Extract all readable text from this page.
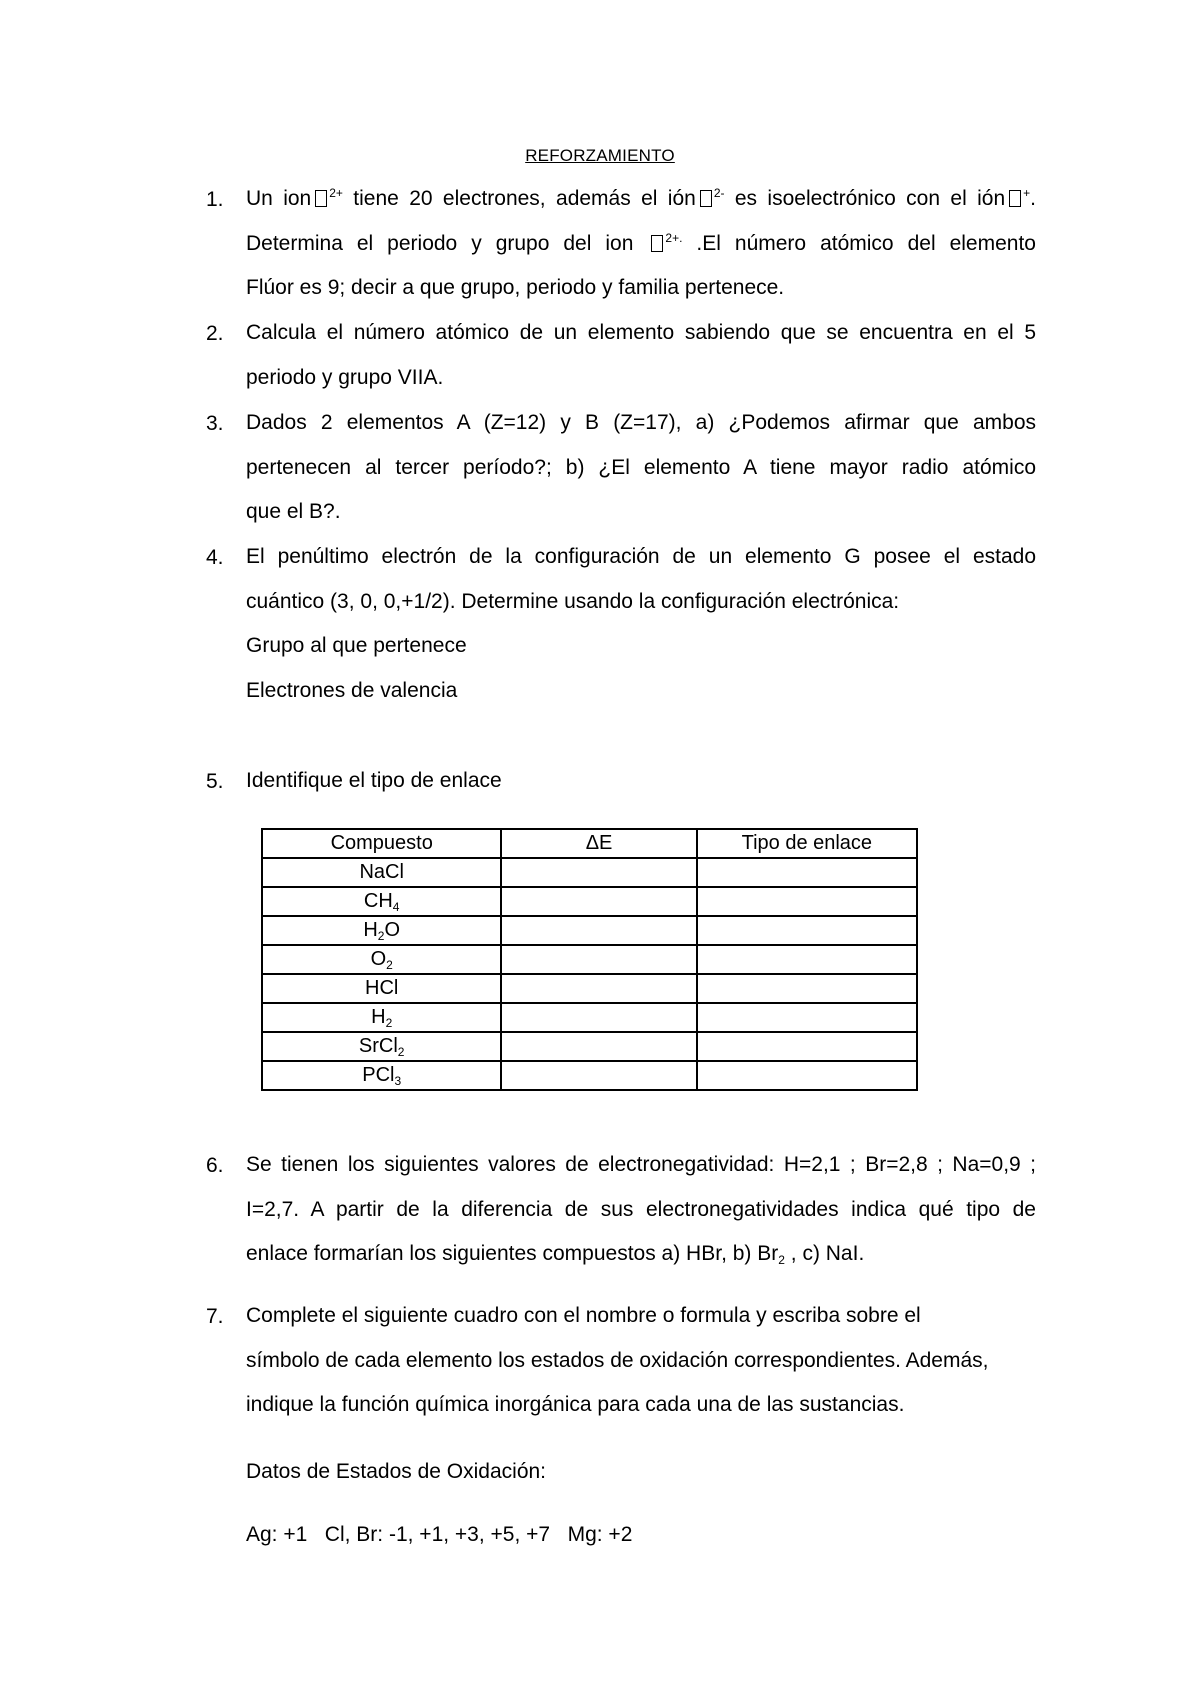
REFORZAMIENTO
1. Un ion $^{2+}$ tiene 20 electrones, además el ión $^{2-}$ es isoelectrónico con el ión +.
Determina el periodo y grupo del ion	$^{2+.}$ .El número atómico del elemento
Flúor es 9; decir a que grupo, periodo y familia pertenece.
2. Calcula el número atómico de un elemento sabiendo que se encuentra en el 5
periodo y grupo VIIA.
3. Dados 2 elementos A (Z=12) y B (Z=17), a) ¿Podemos afirmar que ambos
pertenecen al tercer período?; b) ¿El elemento A tiene mayor radio atómico
que el B?.
4. El penúltimo electrón de la configuración de un elemento G posee el estado
cuántico (3, 0, 0,+1/2). Determine usando la configuración electrónica:
Grupo al que pertenece
Electrones de valencia
5. Identifique el tipo de enlace
Compuesto	ΔE	Tipo de enlace
NaCl		
$CH_4$		
$H_2O$		
$O_2$		
HCl		
$H_2$		
SrCl$_2$		
PCl$_3$		
6. Se tienen los siguientes valores de electronegatividad: H=2,1 ; Br=2,8 ; Na=0,9 ;
I=2,7. A partir de la diferencia de sus electronegatividades indica qué tipo de
enlace formarían los siguientes compuestos a) HBr, b) $Br_2$ , c) NaI.
7. Complete el siguiente cuadro con el nombre o formula y escriba sobre el
símbolo de cada elemento los estados de oxidación correspondientes. Además,
indique la función química inorgánica para cada una de las sustancias.
Datos de Estados de Oxidación:
Ag: +1   Cl, Br: -1, +1, +3, +5, +7   Mg: +2
